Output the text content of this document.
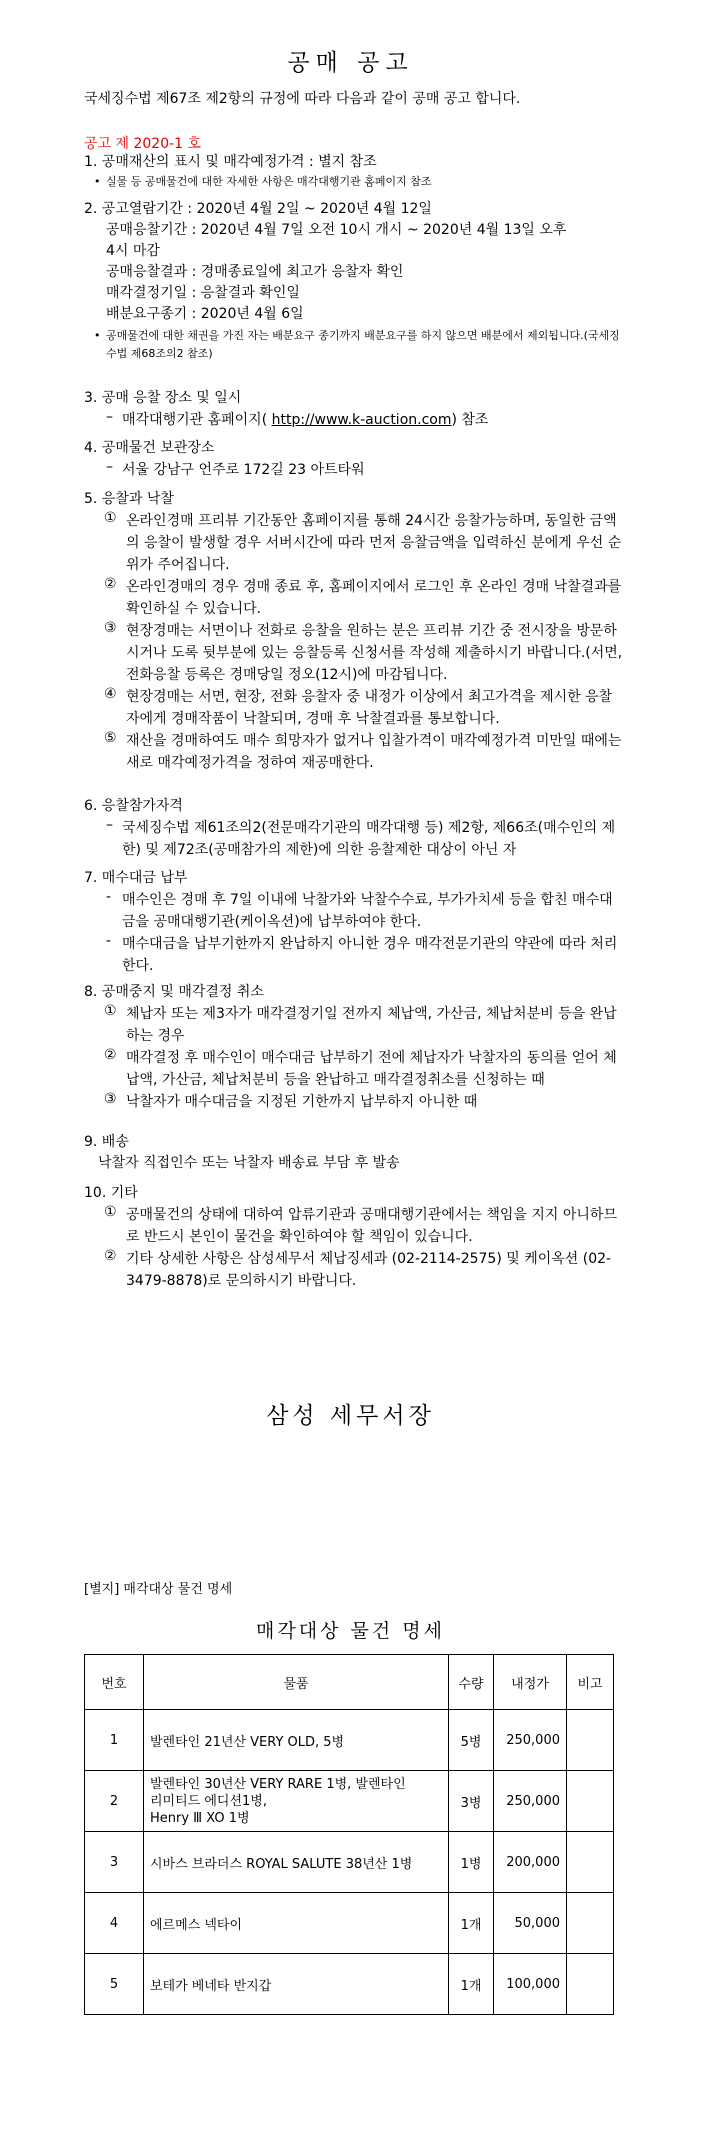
공매 공고
국세징수법 제67조 제2항의 규정에 따라 다음과 같이 공매 공고 합니다.
공고 제 2020-1 호
1. 공매재산의 표시 및 매각예정가격 : 별지 참조
• 실물 등 공매물건에 대한 자세한 사항은 매각대행기관 홈페이지 참조
2. 공고열람기간 : 2020년 4월 2일 ~ 2020년 4월 12일
공매응찰기간 : 2020년 4월 7일 오전 10시 개시 ~ 2020년 4월 13일 오후
4시 마감
공매응찰결과 : 경매종료일에 최고가 응찰자 확인
매각결정기일 : 응찰결과 확인일
배분요구종기 : 2020년 4월 6일
• 공매물건에 대한 채권을 가진 자는 배분요구 종기까지 배분요구를 하지 않으면 배분에서 제외됩니다.(국세징수법 제68조의2 참조)
3. 공매 응찰 장소 및 일시
– 매각대행기관 홈페이지( http://www.k-auction.com) 참조
4. 공매물건 보관장소
– 서울 강남구 언주로 172길 23 아트타워
5. 응찰과 낙찰
① 온라인경매 프리뷰 기간동안 홈페이지를 통해 24시간 응찰가능하며, 동일한 금액의 응찰이 발생할 경우 서버시간에 따라 먼저 응찰금액을 입력하신 분에게 우선 순위가 주어집니다.
② 온라인경매의 경우 경매 종료 후, 홈페이지에서 로그인 후 온라인 경매 낙찰결과를 확인하실 수 있습니다.
③ 현장경매는 서면이나 전화로 응찰을 원하는 분은 프리뷰 기간 중 전시장을 방문하시거나 도록 뒷부분에 있는 응찰등록 신청서를 작성해 제출하시기 바랍니다.(서면, 전화응찰 등록은 경매당일 정오(12시)에 마감됩니다.
④ 현장경매는 서면, 현장, 전화 응찰자 중 내정가 이상에서 최고가격을 제시한 응찰자에게 경매작품이 낙찰되며, 경매 후 낙찰결과를 통보합니다.
⑤ 재산을 경매하여도 매수 희망자가 없거나 입찰가격이 매각예정가격 미만일 때에는 새로 매각예정가격을 정하여 재공매한다.
6. 응찰참가자격
– 국세징수법 제61조의2(전문매각기관의 매각대행 등) 제2항, 제66조(매수인의 제한) 및 제72조(공매참가의 제한)에 의한 응찰제한 대상이 아닌 자
7. 매수대금 납부
- 매수인은 경매 후 7일 이내에 낙찰가와 낙찰수수료, 부가가치세 등을 합친 매수대금을 공매대행기관(케이옥션)에 납부하여야 한다.
- 매수대금을 납부기한까지 완납하지 아니한 경우 매각전문기관의 약관에 따라 처리한다.
8. 공매중지 및 매각결정 취소
① 체납자 또는 제3자가 매각결정기일 전까지 체납액, 가산금, 체납처분비 등을 완납하는 경우
② 매각결정 후 매수인이 매수대금 납부하기 전에 체납자가 낙찰자의 동의를 얻어 체납액, 가산금, 체납처분비 등을 완납하고 매각결정취소를 신청하는 때
③ 낙찰자가 매수대금을 지정된 기한까지 납부하지 아니한 때
9. 배송
낙찰자 직접인수 또는 낙찰자 배송료 부담 후 발송
10. 기타
① 공매물건의 상태에 대하여 압류기관과 공매대행기관에서는 책임을 지지 아니하므로 반드시 본인이 물건을 확인하여야 할 책임이 있습니다.
② 기타 상세한 사항은 삼성세무서 체납징세과 (02-2114-2575) 및 케이옥션 (02-3479-8878)로 문의하시기 바랍니다.
삼성 세무서장
[별지] 매각대상 물건 명세
매각대상 물건 명세
번호	물품	수량	내정가	비고
1	발렌타인 21년산 VERY OLD, 5병	5병	250,000	
2	발렌타인 30년산 VERY RARE 1병, 발렌타인
리미티드 에디션1병,
Henry Ⅲ XO 1병	3병	250,000	
3	시바스 브라더스 ROYAL SALUTE 38년산 1병	1병	200,000	
4	에르메스 넥타이	1개	50,000	
5	보테가 베네타 반지갑	1개	100,000	
